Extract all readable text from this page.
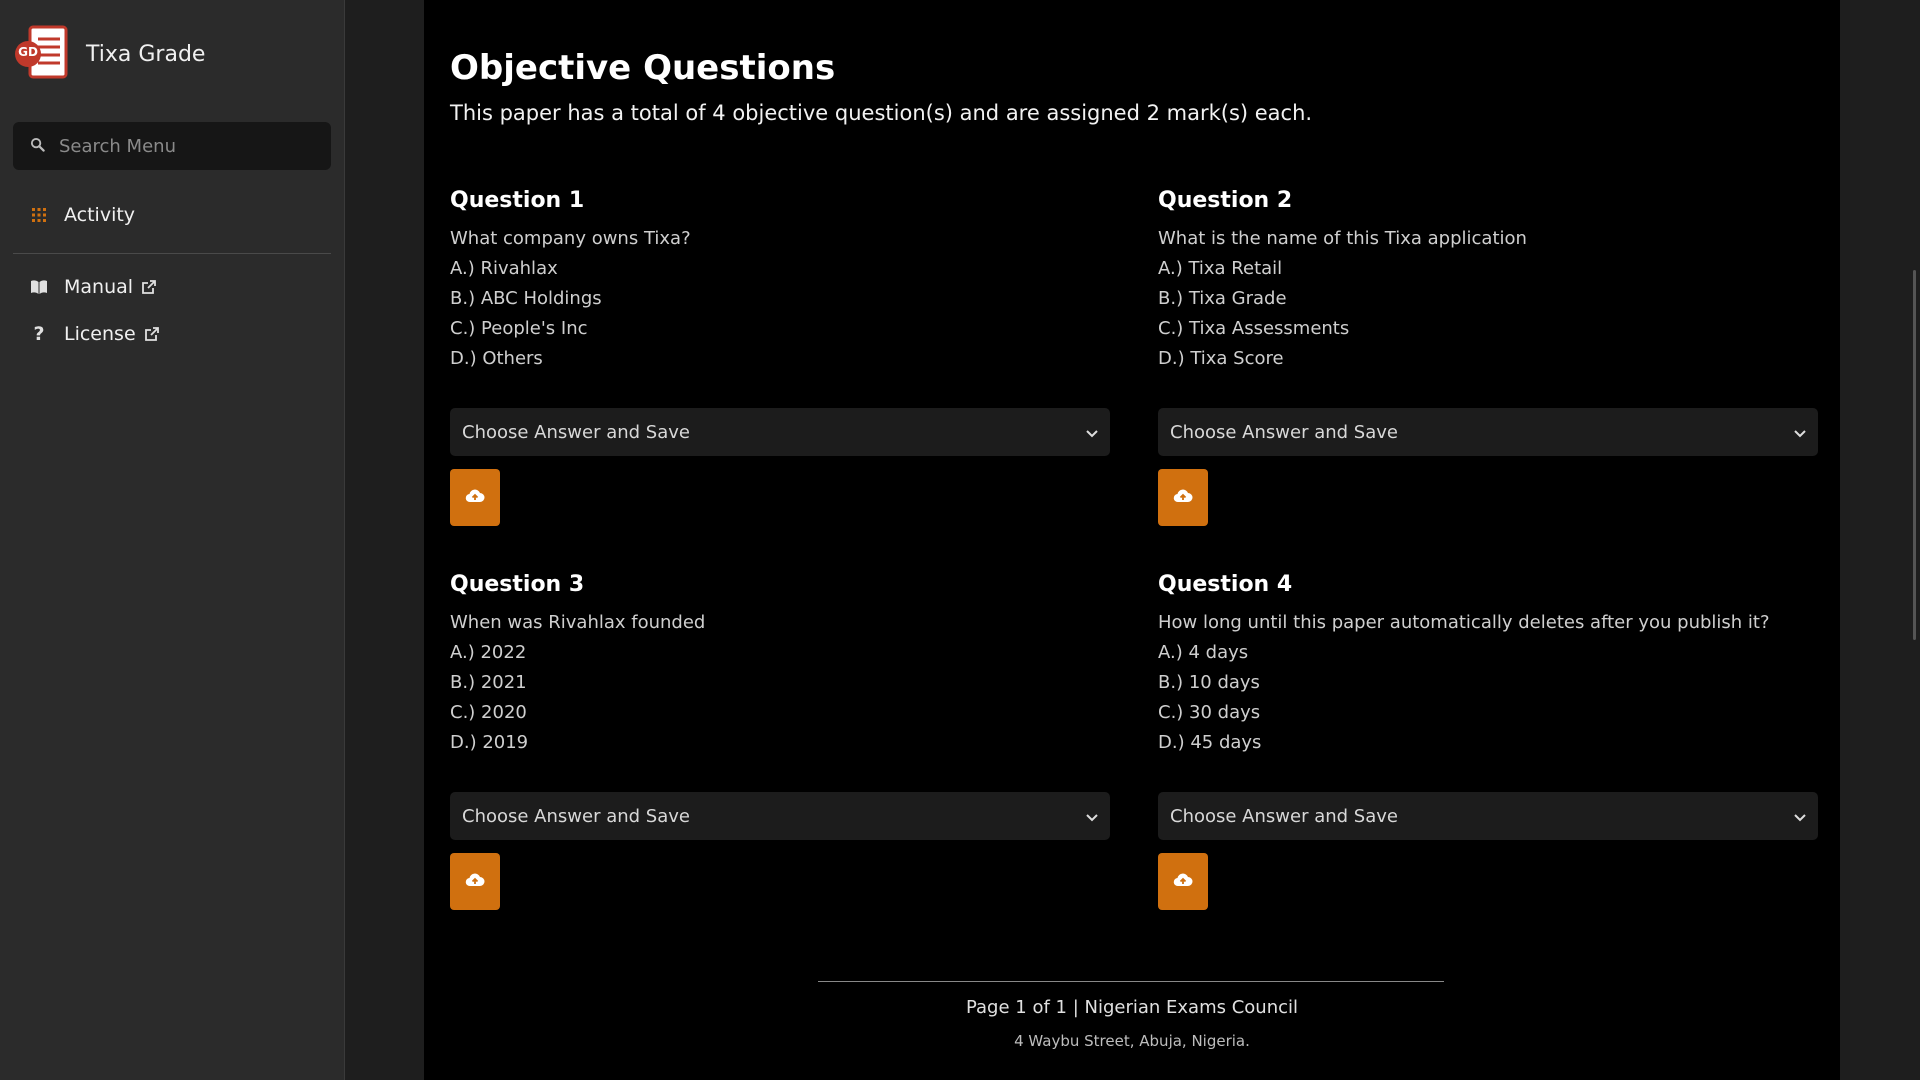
GD Tixa Grade
Search Menu
Activity
Manual
? License
Objective Questions
This paper has a total of 4 objective question(s) and are assigned 2 mark(s) each.
Question 1
What company owns Tixa?
A.) Rivahlax
B.) ABC Holdings
C.) People's Inc
D.) Others
Choose Answer and Save
Question 2
What is the name of this Tixa application
A.) Tixa Retail
B.) Tixa Grade
C.) Tixa Assessments
D.) Tixa Score
Choose Answer and Save
Question 3
When was Rivahlax founded
A.) 2022
B.) 2021
C.) 2020
D.) 2019
Choose Answer and Save
Question 4
How long until this paper automatically deletes after you publish it?
A.) 4 days
B.) 10 days
C.) 30 days
D.) 45 days
Choose Answer and Save
Page 1 of 1 | Nigerian Exams Council
4 Waybu Street, Abuja, Nigeria.
